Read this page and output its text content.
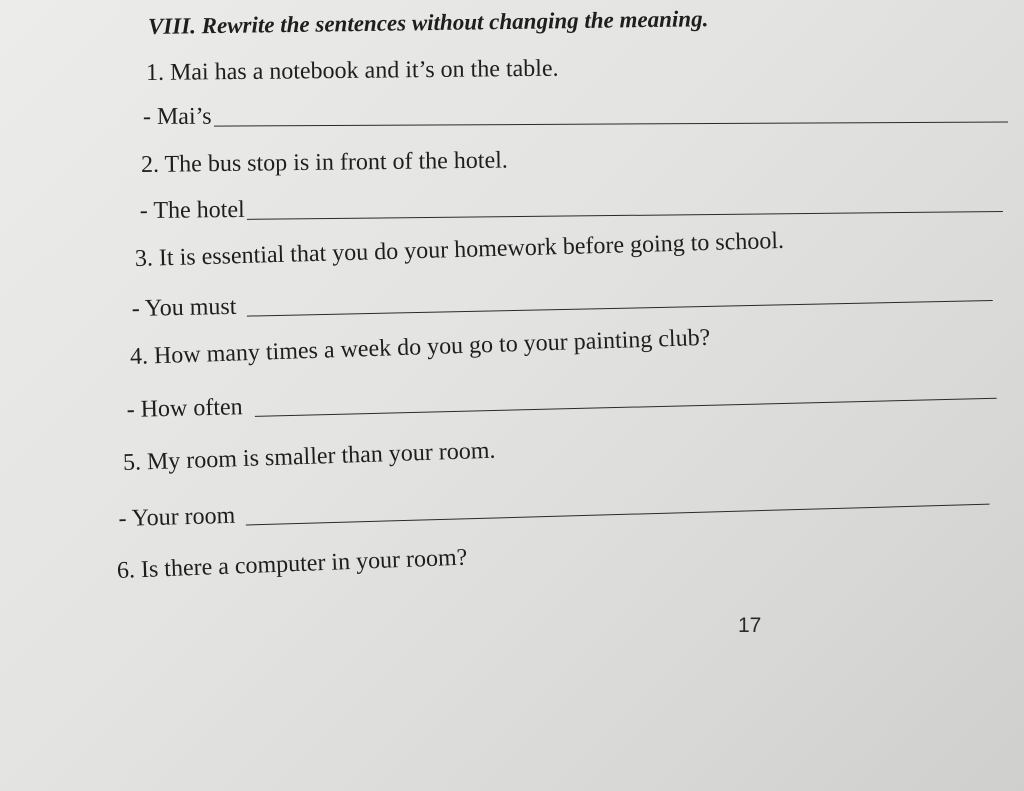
VIII. Rewrite the sentences without changing the meaning.
1. Mai has a notebook and it’s on the table.
- Mai’s
2. The bus stop is in front of the hotel.
- The hotel
3. It is essential that you do your homework before going to school.
- You must
4. How many times a week do you go to your painting club?
- How often
5. My room is smaller than your room.
- Your room
6. Is there a computer in your room?
17
